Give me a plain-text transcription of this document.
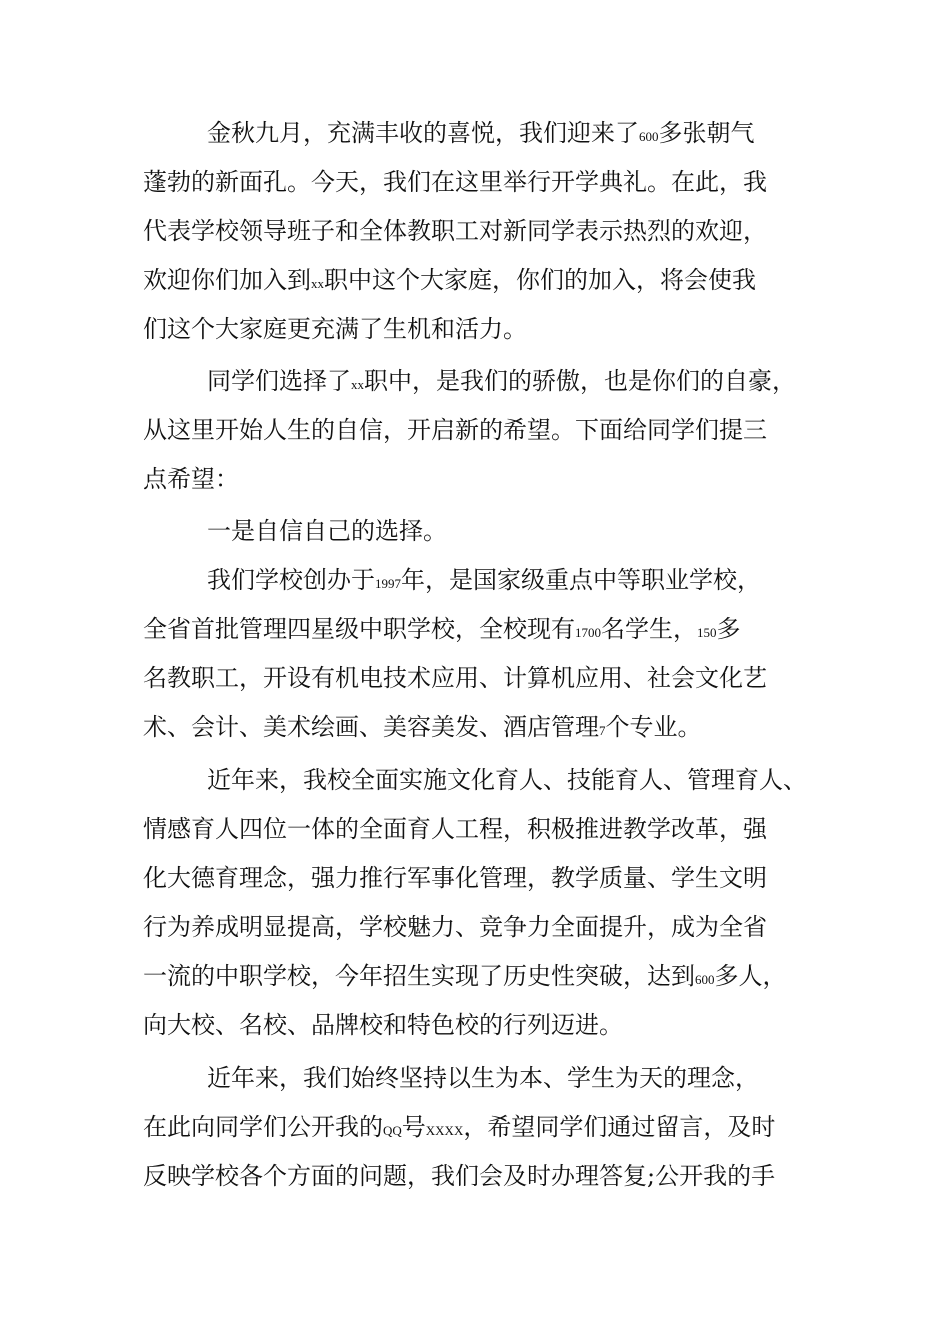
金秋九月，充满丰收的喜悦，我们迎来了600多张朝气
蓬勃的新面孔。今天，我们在这里举行开学典礼。在此，我
代表学校领导班子和全体教职工对新同学表示热烈的欢迎，
欢迎你们加入到xx职中这个大家庭，你们的加入，将会使我
们这个大家庭更充满了生机和活力。
同学们选择了xx职中，是我们的骄傲，也是你们的自豪，
从这里开始人生的自信，开启新的希望。下面给同学们提三
点希望：
一是自信自己的选择。
我们学校创办于1997年，是国家级重点中等职业学校，
全省首批管理四星级中职学校，全校现有1700名学生，150多
名教职工，开设有机电技术应用、计算机应用、社会文化艺
术、会计、美术绘画、美容美发、酒店管理7个专业。
近年来，我校全面实施文化育人、技能育人、管理育人、
情感育人四位一体的全面育人工程，积极推进教学改革，强
化大德育理念，强力推行军事化管理，教学质量、学生文明
行为养成明显提高，学校魅力、竞争力全面提升，成为全省
一流的中职学校，今年招生实现了历史性突破，达到600多人，
向大校、名校、品牌校和特色校的行列迈进。
近年来，我们始终坚持以生为本、学生为天的理念，
在此向同学们公开我的QQ号XXXX，希望同学们通过留言，及时
反映学校各个方面的问题，我们会及时办理答复;公开我的手
